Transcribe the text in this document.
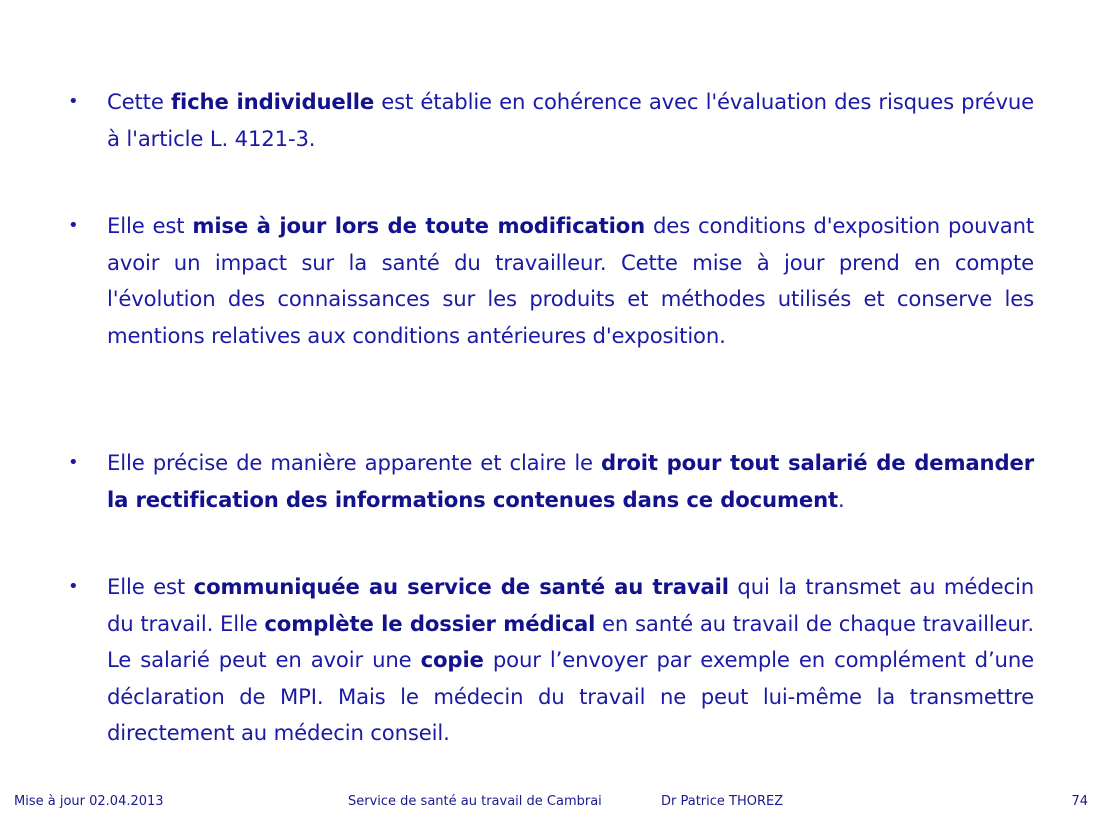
•	Cette fiche individuelle est établie en cohérence avec l'évaluation des risques prévue à l'article L. 4121-3.
•	Elle est mise à jour lors de toute modification des conditions d'exposition pouvant avoir un impact sur la santé du travailleur. Cette mise à jour prend en compte l'évolution des connaissances sur les produits et méthodes utilisés et conserve les mentions relatives aux conditions antérieures d'exposition.
•	Elle précise de manière apparente et claire le droit pour tout salarié de demander la rectification des informations contenues dans ce document.
•	Elle est communiquée au service de santé au travail qui la transmet au médecin du travail. Elle complète le dossier médical en santé au travail de chaque travailleur. Le salarié peut en avoir une copie pour l’envoyer par exemple en complément d’une déclaration de MPI. Mais le médecin du travail ne peut lui-même la transmettre directement au médecin conseil.
Mise à jour 02.04.2013	Service de santé au travail de Cambrai	Dr Patrice THOREZ	74
